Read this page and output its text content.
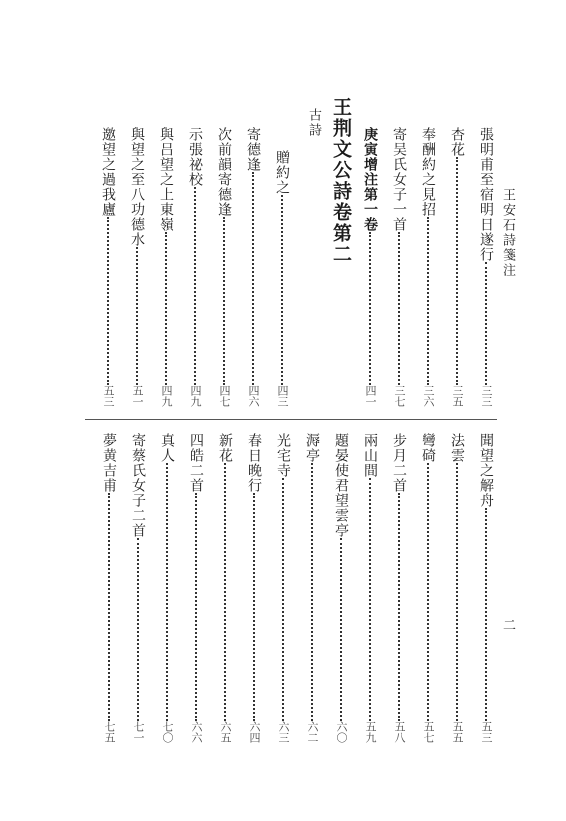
王安石詩箋注
二
王荆文公詩卷第二
古詩
張明甫至宿明日遂行
三三
杏花
三五
奉酬約之見招
三六
寄吴氏女子一首
三七
庚寅增注第一卷
四一
贈約之
四三
寄德逢
四六
次前韻寄德逢
四七
示張祕校
四九
與吕望之上東嶺
四九
與望之至八功德水
五一
邀望之過我廬
五三
聞望之解舟
五三
法雲
五五
彎碕
五七
步月二首
五八
兩山間
五九
題晏使君望雲亭
六〇
溽亭
六二
光宅寺
六三
春日晚行
六四
新花
六五
四皓二首
六六
真人
七〇
寄蔡氏女子二首
七一
夢黄吉甫
七五
